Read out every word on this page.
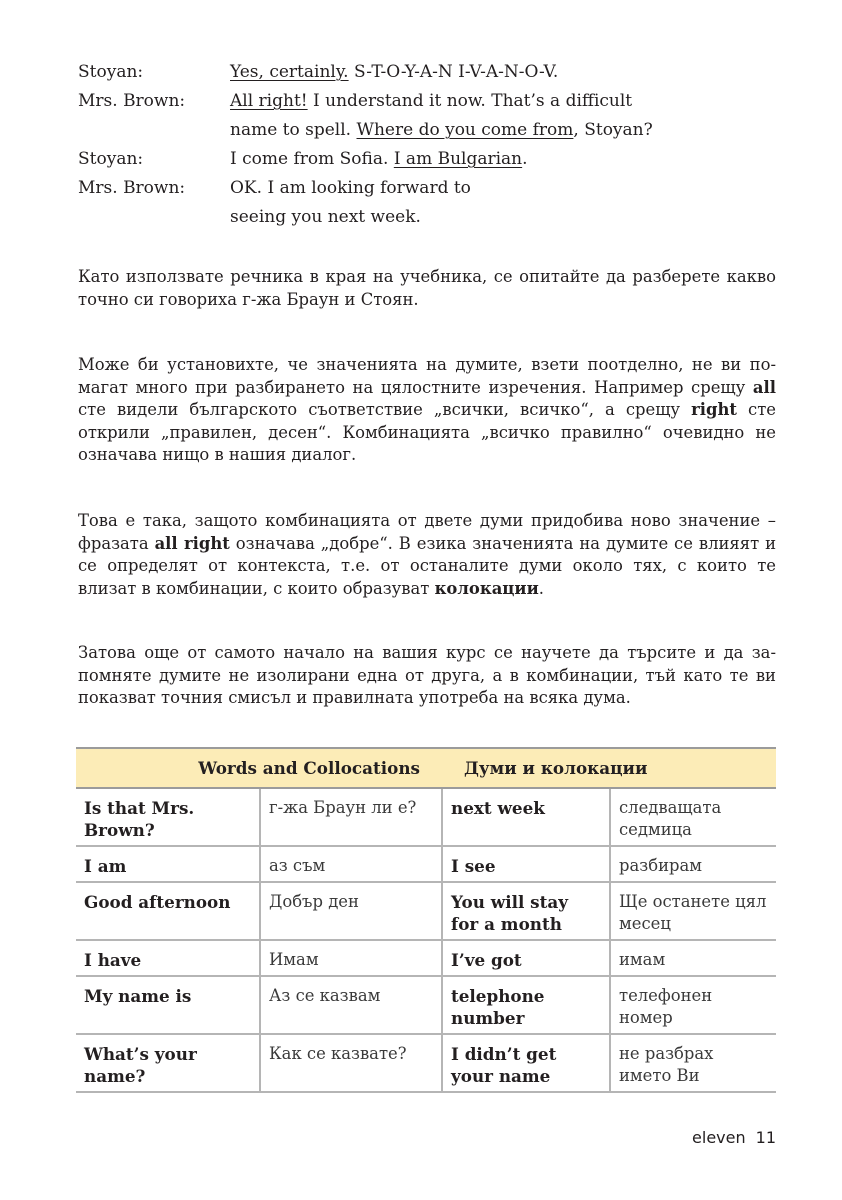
Stoyan:	Yes, certainly. S-T-O-Y-A-N I-V-A-N-O-V.
Mrs. Brown:	All right! I understand it now. That’s a difficult
name to spell. Where do you come from, Stoyan?
Stoyan:	I come from Sofia. I am Bulgarian.
Mrs. Brown:	OK. I am looking forward to
seeing you next week.
Като използвате речника в края на учебника, се опитайте да разберете какво точно си говориха г-жа Браун и Стоян.
Може би установихте, че значенията на думите, взети поотделно, не ви помагат много при разбирането на цялостните изречения. Например срещу all сте видели българското съответствие „всички, всичко“, а срещу right сте открили „правилен, десен“. Комбинацията „всичко правилно“ очевидно не означава нищо в нашия диалог.
Това е така, защото комбинацията от двете думи придобива ново значение – фразата all right означава „добре“. В езика значенията на думите се влияят и се определят от контекста, т.е. от останалите думи около тях, с които те влизат в комбинации, с които образуват колокации.
Затова още от самото начало на вашия курс се научете да търсите и да запомняте думите не изолирани една от друга, а в комбинации, тъй като те ви показват точния смисъл и правилната употреба на всяка дума.
Words and Collocations		Думи и колокации	
Is that Mrs. Brown?	г-жа Браун ли е?	next week	следващата седмица
I am	аз съм	I see	разбирам
Good afternoon	Добър ден	You will stay for a month	Ще останете цял месец
I have	Имам	I’ve got	имам
My name is	Аз се казвам	telephone number	телефонен номер
What’s your name?	Как се казвате?	I didn’t get your name	не разбрах името Ви
eleven 11
